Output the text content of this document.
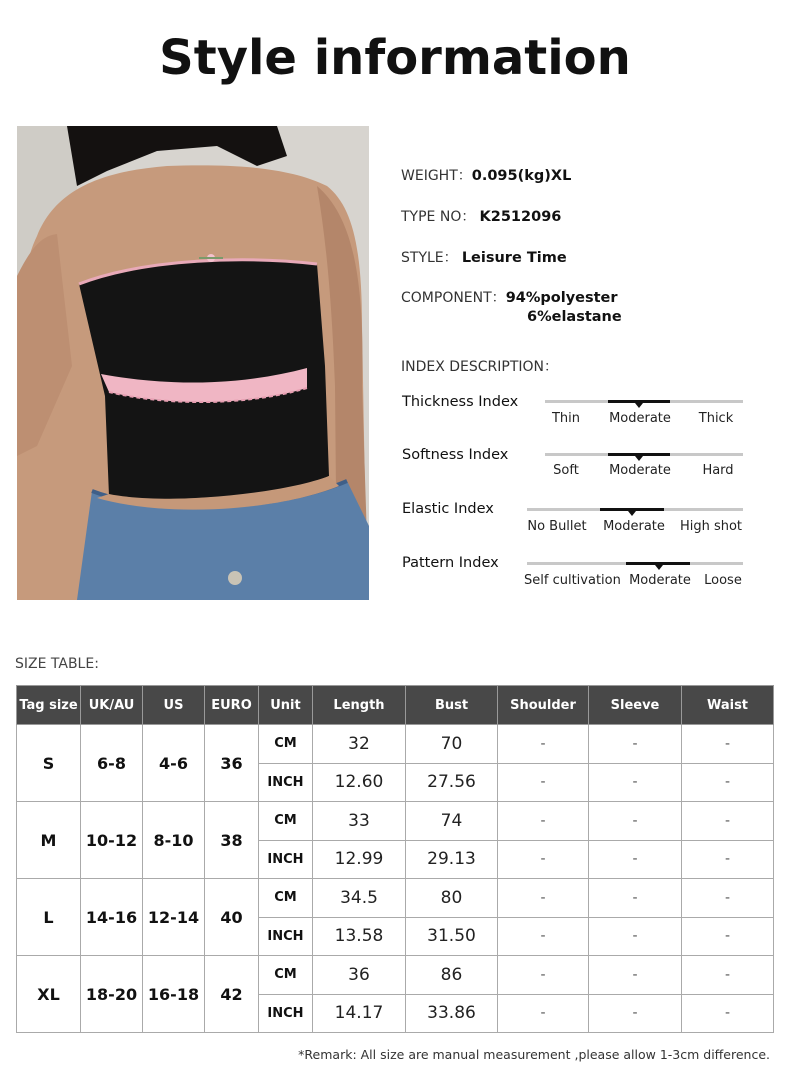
Style information
WEIGHT：0.095(kg)XL
TYPE NO： K2512096
STYLE： Leisure Time
COMPONENT：94%polyester
6%elastane
INDEX DESCRIPTION：
Thickness Index
Thin	Moderate	Thick
Softness Index
Soft	Moderate	Hard
Elastic Index
No Bullet	Moderate	High shot
Pattern Index
Self cultivation Moderate	Loose
SIZE TABLE:
Tag size	UK/AU	US	EURO	Unit	Length	Bust	Shoulder	Sleeve	Waist
S	6-8	4-6	36	CM	32	70	-	-	-
				INCH	12.60	27.56	-	-	-
M	10-12	8-10	38	CM	33	74	-	-	-
				INCH	12.99	29.13	-	-	-
L	14-16	12-14	40	CM	34.5	80	-	-	-
				INCH	13.58	31.50	-	-	-
XL	18-20	16-18	42	CM	36	86	-	-	-
				INCH	14.17	33.86	-	-	-
*Remark: All size are manual measurement ,please allow 1-3cm difference.
